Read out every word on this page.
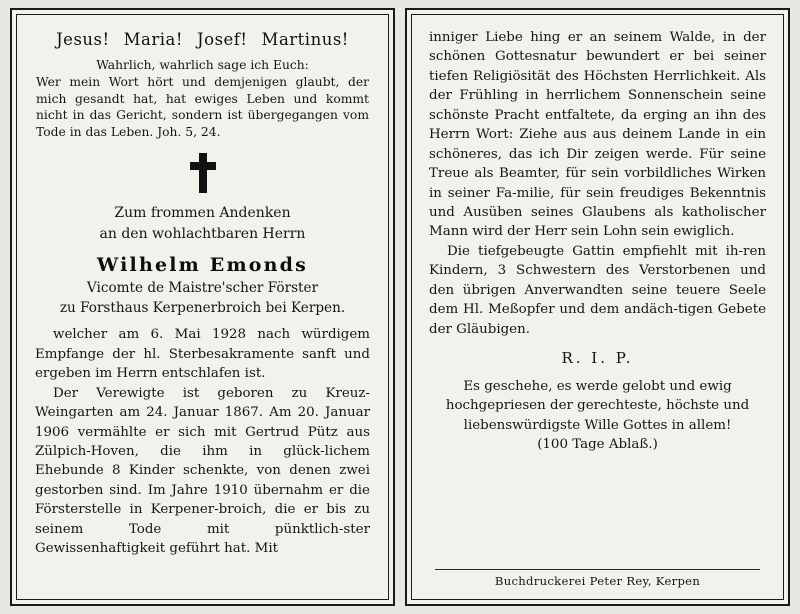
Jesus! Maria! Josef! Martinus!
Wahrlich, wahrlich sage ich Euch:
Wer mein Wort hört und demjenigen glaubt, der mich gesandt hat, hat ewiges Leben und kommt nicht in das Gericht, sondern ist übergegangen vom Tode in das Leben. Joh. 5, 24.
Zum frommen Andenken
an den wohlachtbaren Herrn
Wilhelm Emonds
Vicomte de Maistre'scher Förster
zu Forsthaus Kerpenerbroich bei Kerpen.

welcher am 6. Mai 1928 nach würdigem Empfange der hl. Sterbesakramente sanft und ergeben im Herrn entschlafen ist.

Der Verewigte ist geboren zu Kreuz-Weingarten am 24. Januar 1867. Am 20. Januar 1906 vermählte er sich mit Gertrud Pütz aus Zülpich-Hoven, die ihm in glück-lichem Ehebunde 8 Kinder schenkte, von denen zwei gestorben sind. Im Jahre 1910 übernahm er die Försterstelle in Kerpener-broich, die er bis zu seinem Tode mit pünktlich-ster Gewissenhaftigkeit geführt hat. Mit

inniger Liebe hing er an seinem Walde, in der schönen Gottesnatur bewundert er bei seiner tiefen Religiösität des Höchsten Herrlichkeit. Als der Frühling in herrlichem Sonnenschein seine schönste Pracht entfaltete, da erging an ihn des Herrn Wort: Ziehe aus aus deinem Lande in ein schöneres, das ich Dir zeigen werde. Für seine Treue als Beamter, für sein vorbildliches Wirken in seiner Fa-milie, für sein freudiges Bekenntnis und Ausüben seines Glaubens als katholischer Mann wird der Herr sein Lohn sein ewiglich.

Die tiefgebeugte Gattin empfiehlt mit ih-ren Kindern, 3 Schwestern des Verstorbenen und den übrigen Anverwandten seine teuere Seele dem Hl. Meßopfer und dem andäch-tigen Gebete der Gläubigen.

R. I. P.
Es geschehe, es werde gelobt und ewig hochgepriesen der gerechteste, höchste und liebenswürdigste Wille Gottes in allem!
(100 Tage Ablaß.)
Buchdruckerei Peter Rey, Kerpen
